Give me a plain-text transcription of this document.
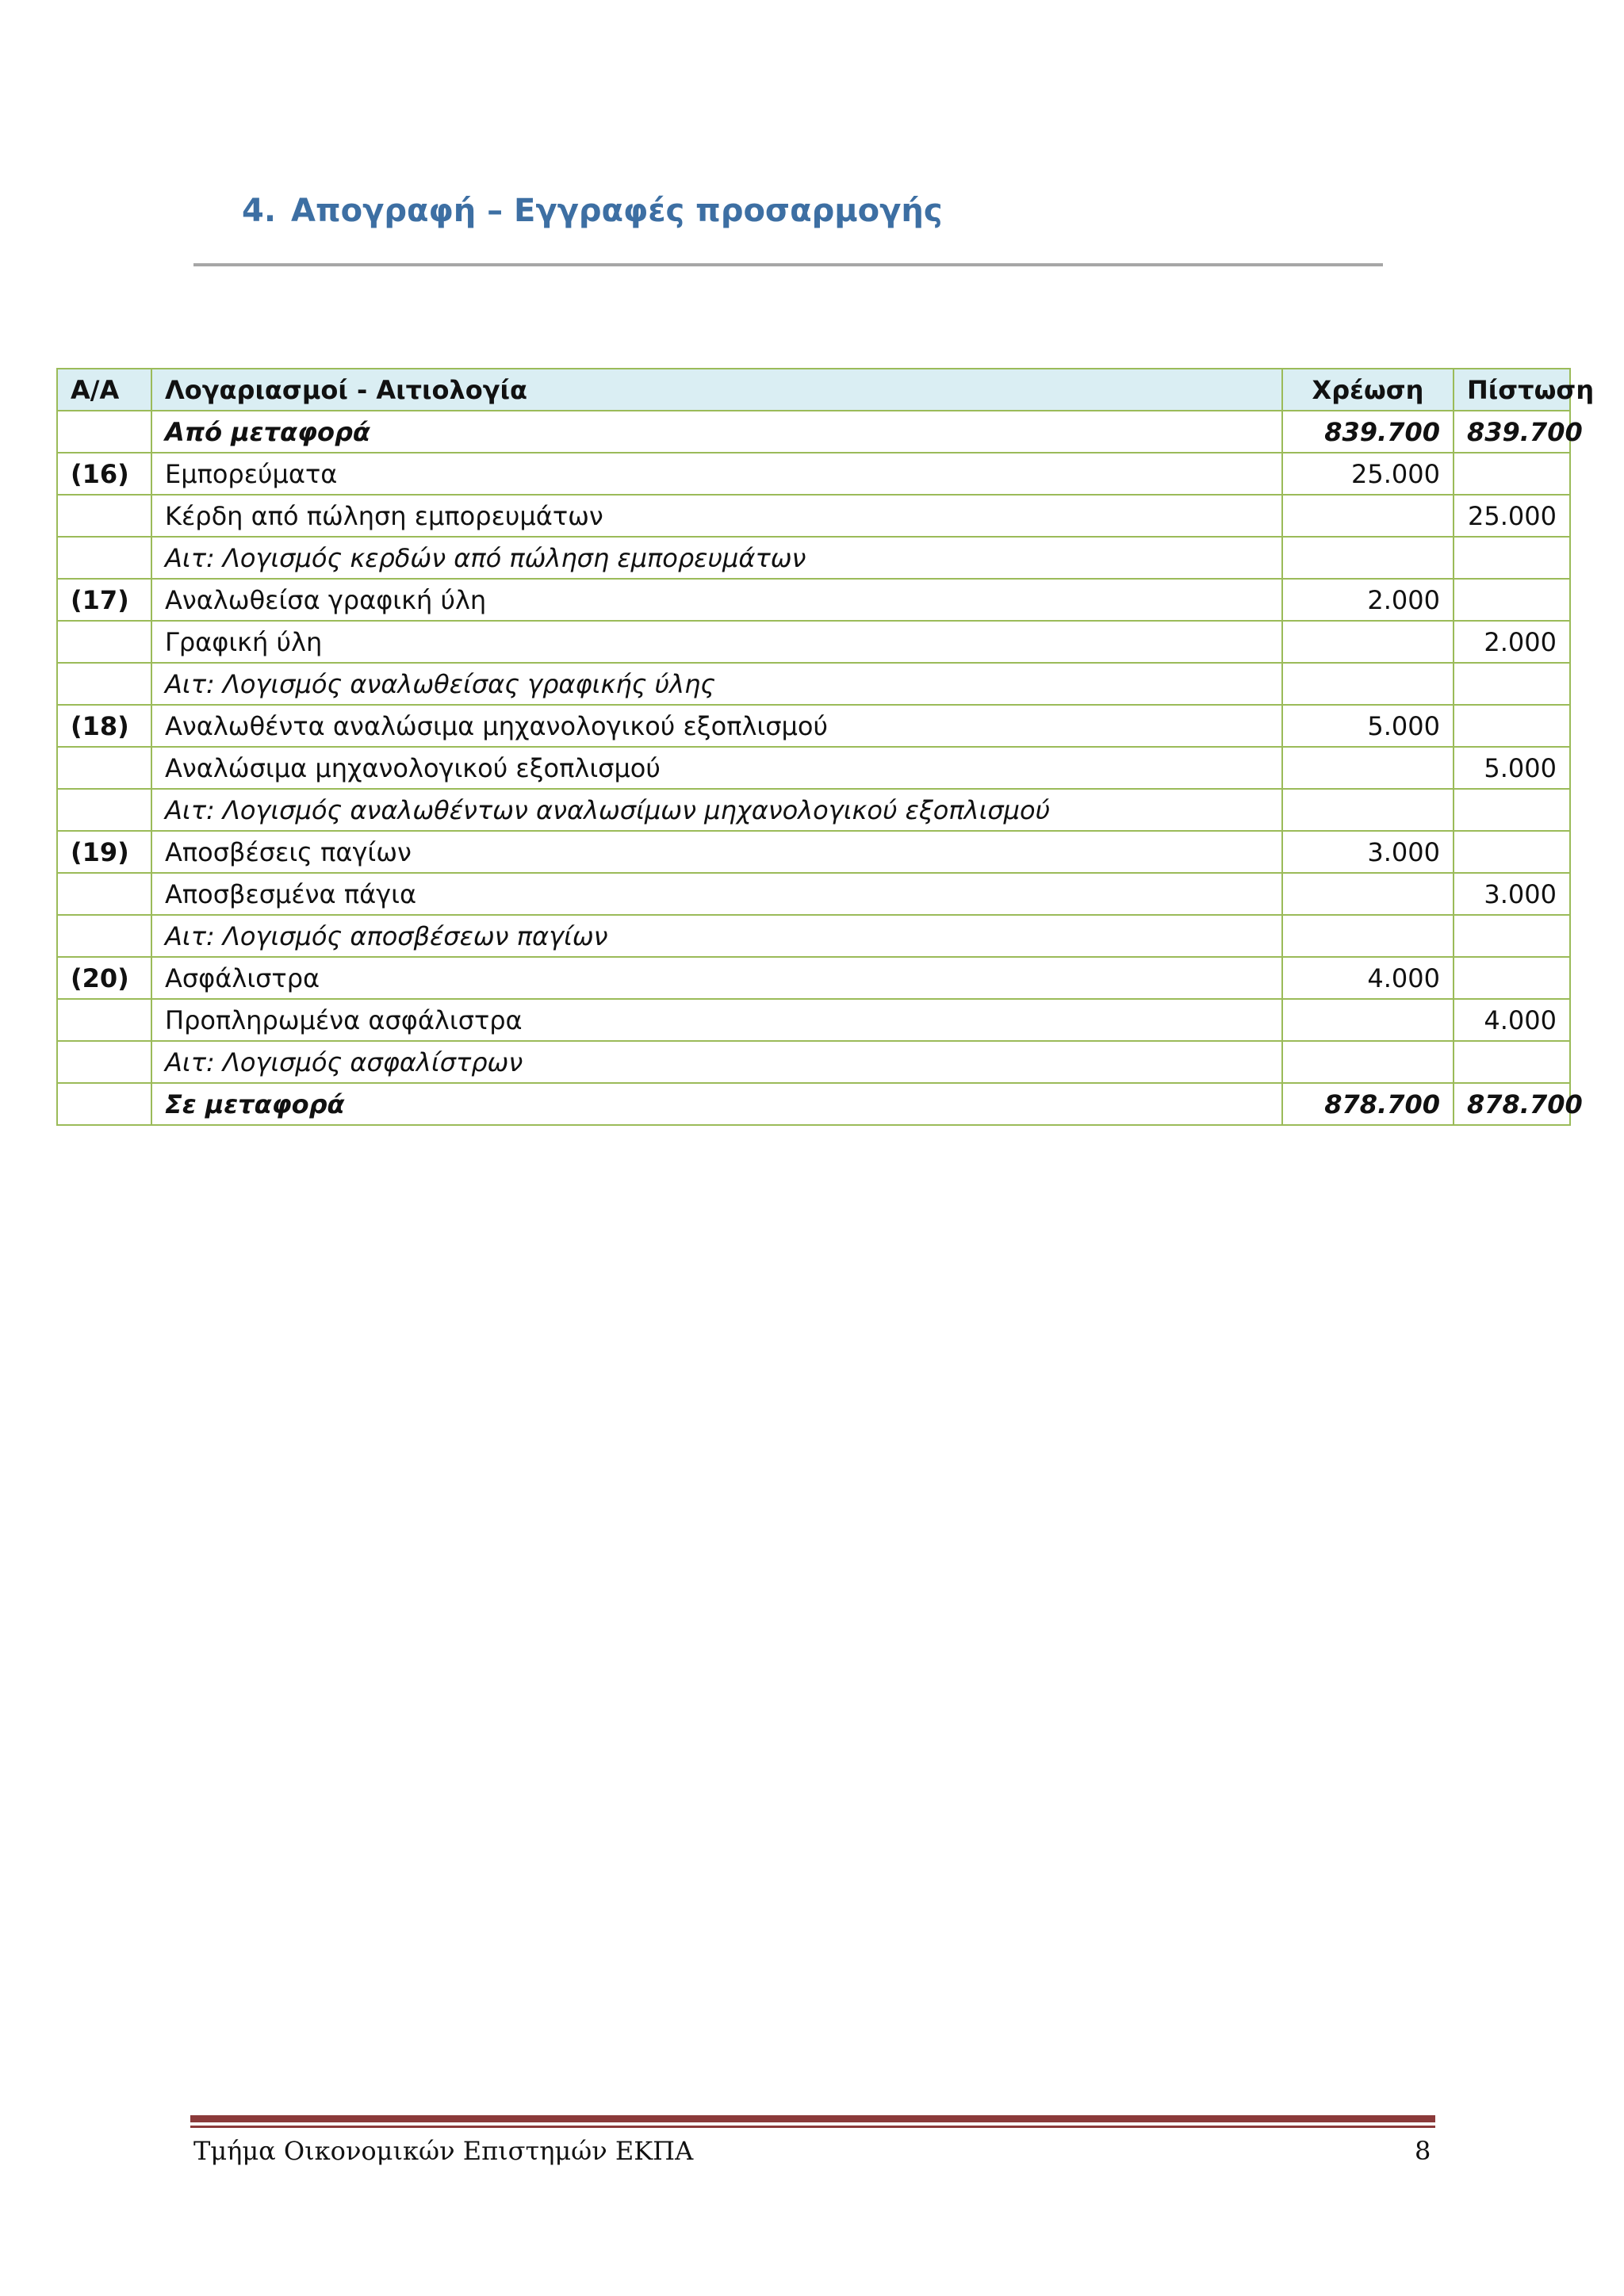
4. Απογραφή – Εγγραφές προσαρμογής
Α/Α	Λογαριασμοί - Αιτιολογία	Χρέωση	Πίστωση
	Από μεταφορά	839.700	839.700
(16)	Εμπορεύματα	25.000	
	Κέρδη από πώληση εμπορευμάτων		25.000
	Αιτ: Λογισμός κερδών από πώληση εμπορευμάτων		
(17)	Αναλωθείσα γραφική ύλη	2.000	
	Γραφική ύλη		2.000
	Αιτ: Λογισμός αναλωθείσας γραφικής ύλης		
(18)	Αναλωθέντα αναλώσιμα μηχανολογικού εξοπλισμού	5.000	
	Αναλώσιμα μηχανολογικού εξοπλισμού		5.000
	Αιτ: Λογισμός αναλωθέντων αναλωσίμων μηχανολογικού εξοπλισμού		
(19)	Αποσβέσεις παγίων	3.000	
	Αποσβεσμένα πάγια		3.000
	Αιτ: Λογισμός αποσβέσεων παγίων		
(20)	Ασφάλιστρα	4.000	
	Προπληρωμένα ασφάλιστρα		4.000
	Αιτ: Λογισμός ασφαλίστρων		
	Σε μεταφορά	878.700	878.700
Τμήμα Οικονομικών Επιστημών ΕΚΠΑ	8
